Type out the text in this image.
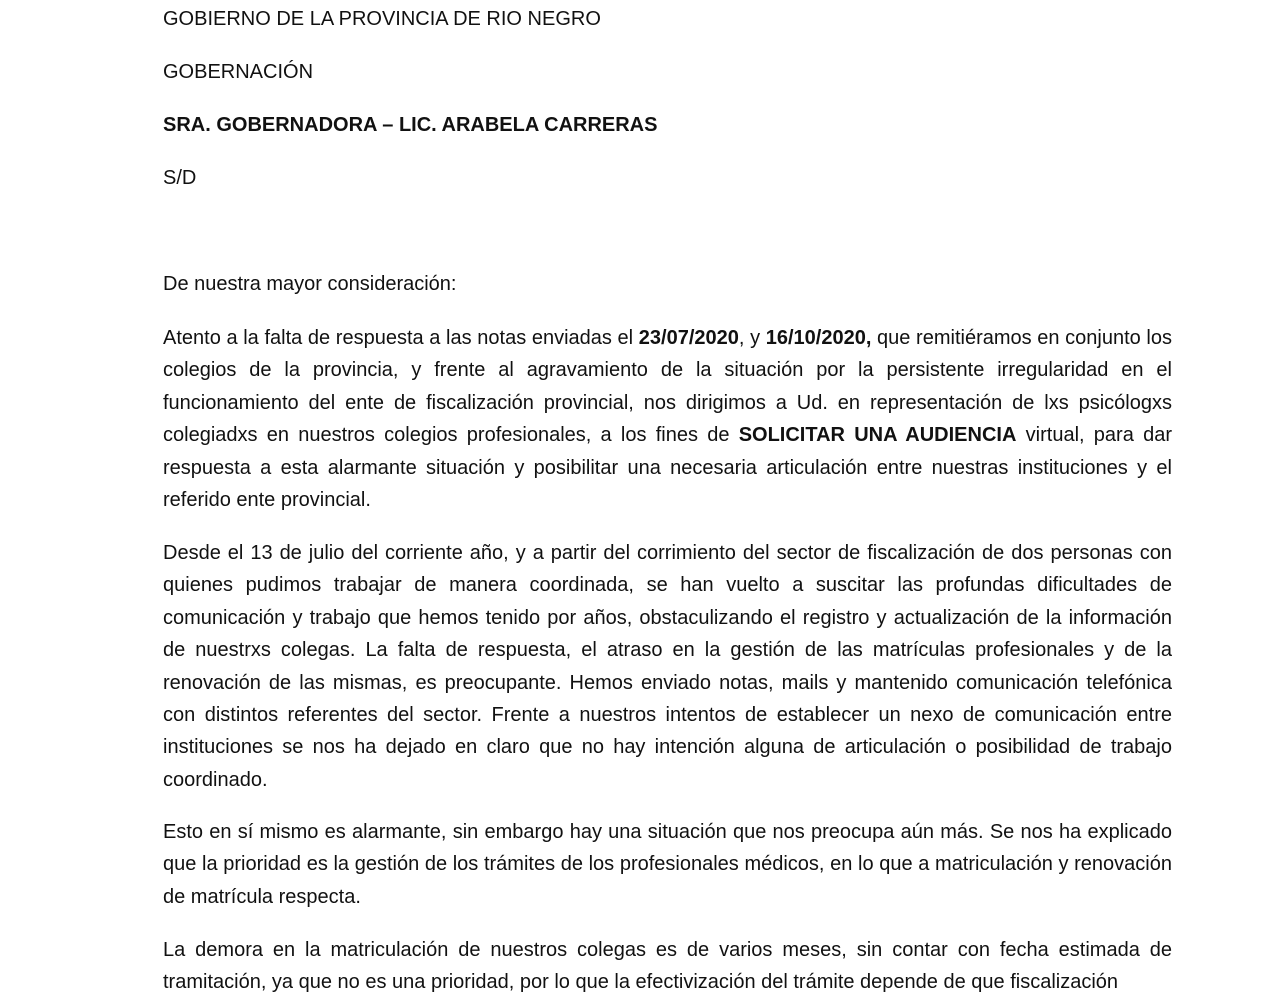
GOBIERNO DE LA PROVINCIA DE RIO NEGRO

GOBERNACIÓN

SRA. GOBERNADORA – LIC. ARABELA CARRERAS

S/D

De nuestra mayor consideración:

Atento a la falta de respuesta a las notas enviadas el 23/07/2020, y 16/10/2020, que remitiéramos en conjunto los colegios de la provincia, y frente al agravamiento de la situación por la persistente irregularidad en el funcionamiento del ente de fiscalización provincial, nos dirigimos a Ud. en representación de lxs psicólogxs colegiadxs en nuestros colegios profesionales, a los fines de SOLICITAR UNA AUDIENCIA virtual, para dar respuesta a esta alarmante situación y posibilitar una necesaria articulación entre nuestras instituciones y el referido ente provincial.

Desde el 13 de julio del corriente año, y a partir del corrimiento del sector de fiscalización de dos personas con quienes pudimos trabajar de manera coordinada, se han vuelto a suscitar las profundas dificultades de comunicación y trabajo que hemos tenido por años, obstaculizando el registro y actualización de la información de nuestrxs colegas. La falta de respuesta, el atraso en la gestión de las matrículas profesionales y de la renovación de las mismas, es preocupante. Hemos enviado notas, mails y mantenido comunicación telefónica con distintos referentes del sector. Frente a nuestros intentos de establecer un nexo de comunicación entre instituciones se nos ha dejado en claro que no hay intención alguna de articulación o posibilidad de trabajo coordinado.

Esto en sí mismo es alarmante, sin embargo hay una situación que nos preocupa aún más. Se nos ha explicado que la prioridad es la gestión de los trámites de los profesionales médicos, en lo que a matriculación y renovación de matrícula respecta.

La demora en la matriculación de nuestros colegas es de varios meses, sin contar con fecha estimada de tramitación, ya que no es una prioridad, por lo que la efectivización del trámite depende de que fiscalización
